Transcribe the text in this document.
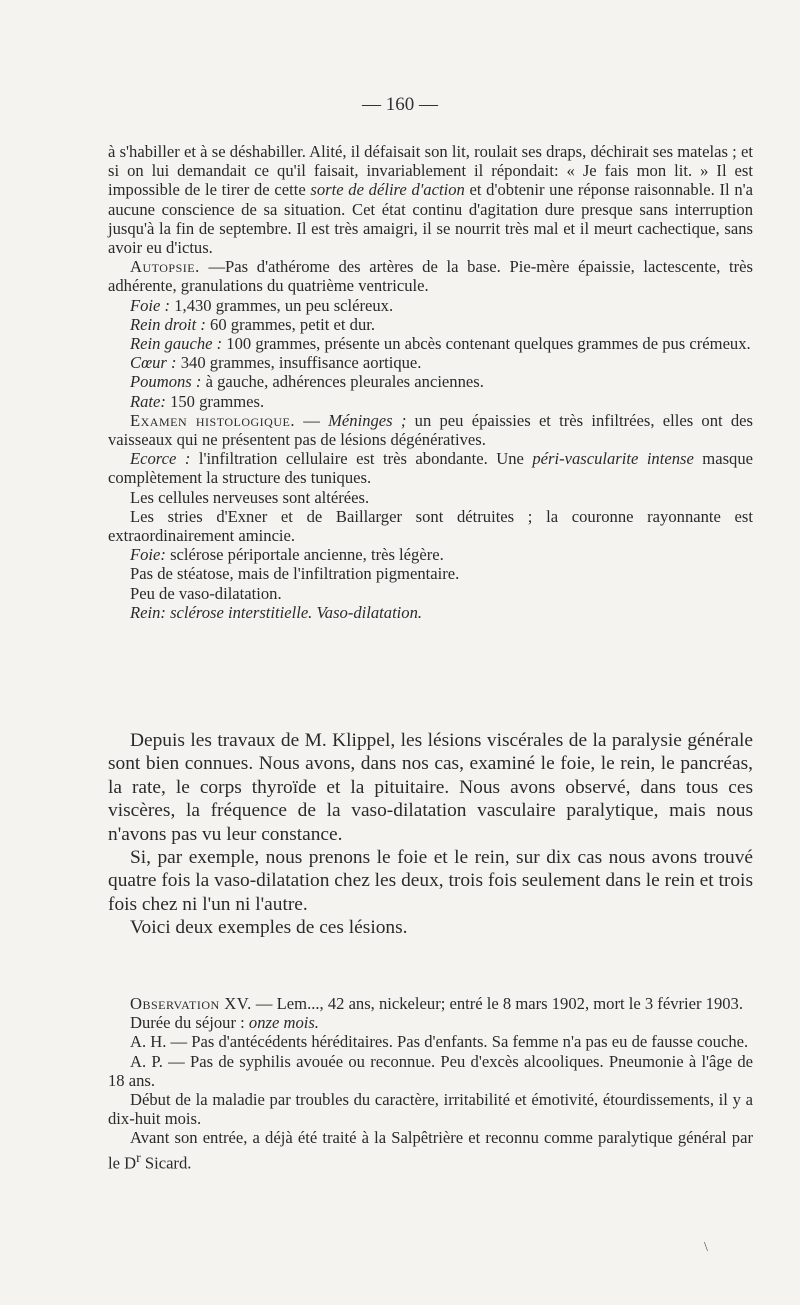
— 160 —

à s'habiller et à se déshabiller. Alité, il défaisait son lit, roulait ses draps, déchirait ses matelas ; et si on lui demandait ce qu'il faisait, invariablement il répondait: « Je fais mon lit. » Il est impossible de le tirer de cette sorte de délire d'action et d'obtenir une réponse raisonnable. Il n'a aucune conscience de sa situation. Cet état continu d'agitation dure presque sans interruption jusqu'à la fin de septembre. Il est très amaigri, il se nourrit très mal et il meurt cachectique, sans avoir eu d'ictus.

Autopsie. —Pas d'athérome des artères de la base. Pie-mère épaissie, lactescente, très adhérente, granulations du quatrième ventricule.

Foie : 1,430 grammes, un peu scléreux.

Rein droit : 60 grammes, petit et dur.

Rein gauche : 100 grammes, présente un abcès contenant quelques grammes de pus crémeux.

Cœur : 340 grammes, insuffisance aortique.

Poumons : à gauche, adhérences pleurales anciennes.

Rate: 150 grammes.

Examen histologique. — Méninges ; un peu épaissies et très infiltrées, elles ont des vaisseaux qui ne présentent pas de lésions dégénératives.

Ecorce : l'infiltration cellulaire est très abondante. Une péri-vascularite intense masque complètement la structure des tuniques.

Les cellules nerveuses sont altérées.

Les stries d'Exner et de Baillarger sont détruites ; la couronne rayonnante est extraordinairement amincie.

Foie: sclérose périportale ancienne, très légère.

Pas de stéatose, mais de l'infiltration pigmentaire.

Peu de vaso-dilatation.

Rein: sclérose interstitielle. Vaso-dilatation.

Depuis les travaux de M. Klippel, les lésions viscérales de la paralysie générale sont bien connues. Nous avons, dans nos cas, examiné le foie, le rein, le pancréas, la rate, le corps thyroïde et la pituitaire. Nous avons observé, dans tous ces viscères, la fréquence de la vaso-dilatation vasculaire paralytique, mais nous n'avons pas vu leur constance.

Si, par exemple, nous prenons le foie et le rein, sur dix cas nous avons trouvé quatre fois la vaso-dilatation chez les deux, trois fois seulement dans le rein et trois fois chez ni l'un ni l'autre.

Voici deux exemples de ces lésions.

Observation XV. — Lem..., 42 ans, nickeleur; entré le 8 mars 1902, mort le 3 février 1903.

Durée du séjour : onze mois.

A. H. — Pas d'antécédents héréditaires. Pas d'enfants. Sa femme n'a pas eu de fausse couche.

A. P. — Pas de syphilis avouée ou reconnue. Peu d'excès alcooliques. Pneumonie à l'âge de 18 ans.

Début de la maladie par troubles du caractère, irritabilité et émotivité, étourdissements, il y a dix-huit mois.

Avant son entrée, a déjà été traité à la Salpêtrière et reconnu comme paralytique général par le $D^r$ Sicard.

\
